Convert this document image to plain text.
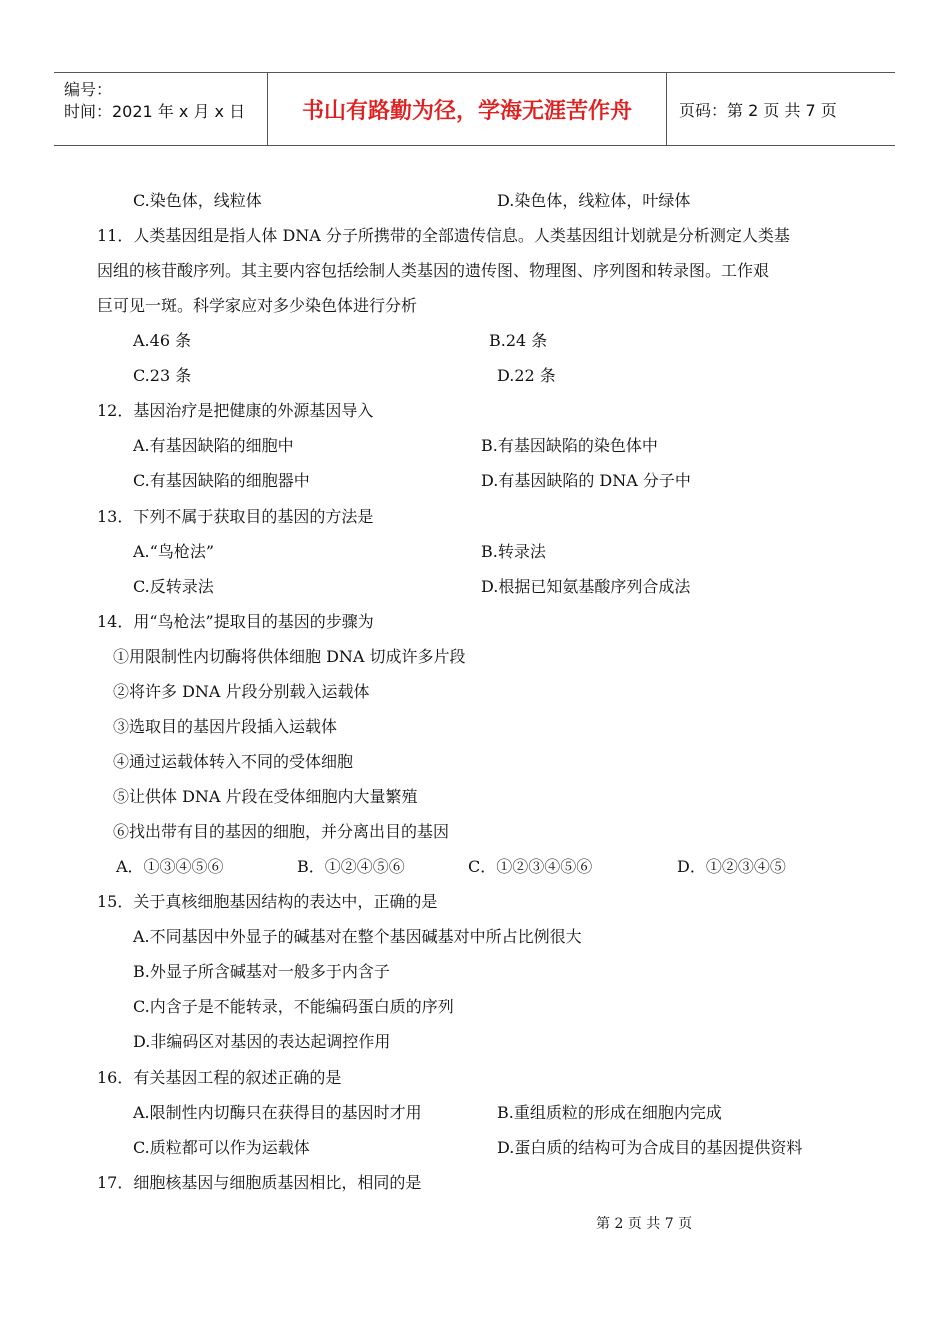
编号：
时间：2021 年 x 月 x 日	书山有路勤为径，学海无涯苦作舟	页码：第 2 页 共 7 页
C.染色体，线粒体	D.染色体，线粒体，叶绿体
11．人类基因组是指人体 DNA 分子所携带的全部遗传信息。人类基因组计划就是分析测定人类基
因组的核苷酸序列。其主要内容包括绘制人类基因的遗传图、物理图、序列图和转录图。工作艰
巨可见一斑。科学家应对多少染色体进行分析
A.46 条	B.24 条
C.23 条	D.22 条
12．基因治疗是把健康的外源基因导入
A.有基因缺陷的细胞中	B.有基因缺陷的染色体中
C.有基因缺陷的细胞器中	D.有基因缺陷的 DNA 分子中
13．下列不属于获取目的基因的方法是
A.“鸟枪法”	B.转录法
C.反转录法	D.根据已知氨基酸序列合成法
14．用“鸟枪法”提取目的基因的步骤为
①用限制性内切酶将供体细胞 DNA 切成许多片段
②将许多 DNA 片段分别载入运载体
③选取目的基因片段插入运载体
④通过运载体转入不同的受体细胞
⑤让供体 DNA 片段在受体细胞内大量繁殖
⑥找出带有目的基因的细胞，并分离出目的基因
A．①③④⑤⑥	B．①②④⑤⑥	C．①②③④⑤⑥	D．①②③④⑤
15．关于真核细胞基因结构的表达中，正确的是
A.不同基因中外显子的碱基对在整个基因碱基对中所占比例很大
B.外显子所含碱基对一般多于内含子
C.内含子是不能转录，不能编码蛋白质的序列
D.非编码区对基因的表达起调控作用
16．有关基因工程的叙述正确的是
A.限制性内切酶只在获得目的基因时才用	B.重组质粒的形成在细胞内完成
C.质粒都可以作为运载体	D.蛋白质的结构可为合成目的基因提供资料
17．细胞核基因与细胞质基因相比，相同的是
第 2 页 共 7 页
